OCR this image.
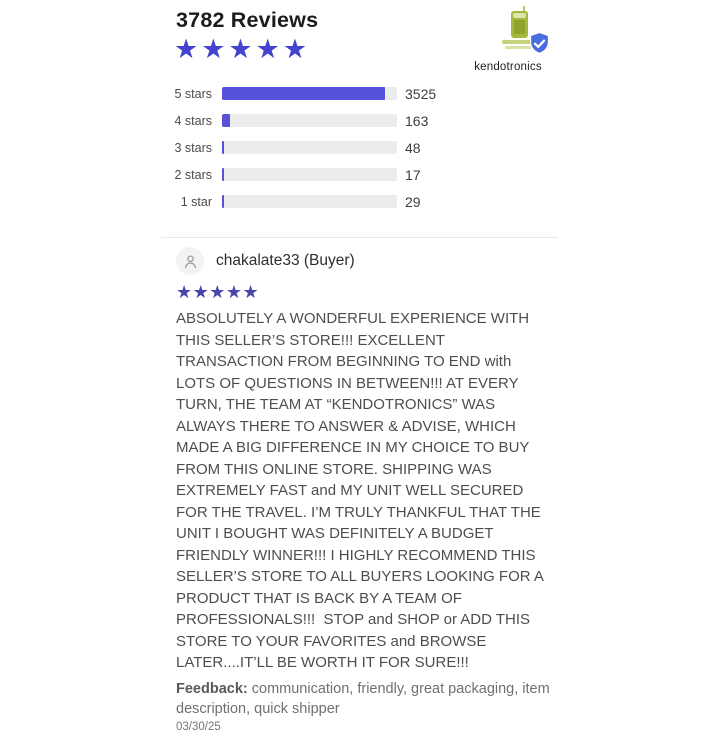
3782 Reviews
★★★★★
kendotronics
5 stars	3525
4 stars	163
3 stars	48
2 stars	17
1 star	29
chakalate33 (Buyer)
★★★★★
ABSOLUTELY A WONDERFUL EXPERIENCE WITH THIS SELLER’S STORE!!! EXCELLENT TRANSACTION FROM BEGINNING TO END with LOTS OF QUESTIONS IN BETWEEN!!! AT EVERY TURN, THE TEAM AT “KENDOTRONICS” WAS ALWAYS THERE TO ANSWER & ADVISE, WHICH MADE A BIG DIFFERENCE IN MY CHOICE TO BUY FROM THIS ONLINE STORE. SHIPPING WAS EXTREMELY FAST and MY UNIT WELL SECURED FOR THE TRAVEL. I’M TRULY THANKFUL THAT THE UNIT I BOUGHT WAS DEFINITELY A BUDGET FRIENDLY WINNER!!! I HIGHLY RECOMMEND THIS SELLER’S STORE TO ALL BUYERS LOOKING FOR A PRODUCT THAT IS BACK BY A TEAM OF PROFESSIONALS!!!  STOP and SHOP or ADD THIS STORE TO YOUR FAVORITES and BROWSE LATER....IT’LL BE WORTH IT FOR SURE!!!
Feedback: communication, friendly, great packaging, item description, quick shipper
03/30/25
